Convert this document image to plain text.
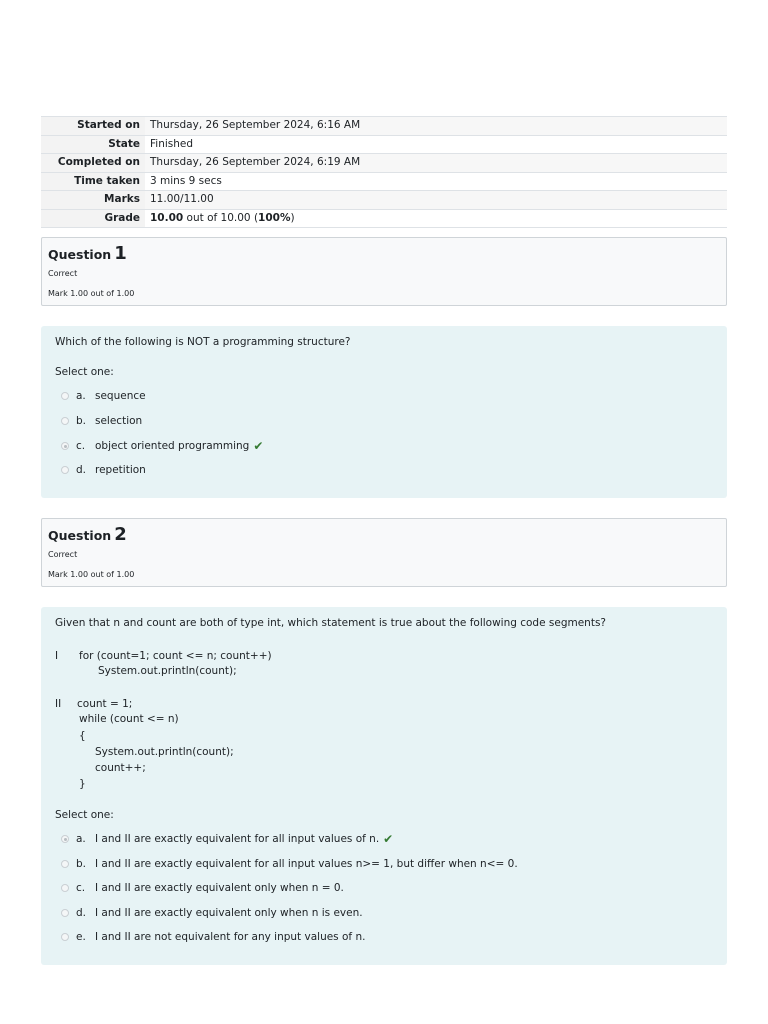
Started on	Thursday, 26 September 2024, 6:16 AM
State	Finished
Completed on	Thursday, 26 September 2024, 6:19 AM
Time taken	3 mins 9 secs
Marks	11.00/11.00
Grade	10.00 out of 10.00 (100%)
Question 1
Correct
Mark 1.00 out of 1.00
Which of the following is NOT a programming structure?
Select one:
a. sequence
b. selection
c. object oriented programming ✔
d. repetition
Question 2
Correct
Mark 1.00 out of 1.00
Given that n and count are both of type int, which statement is true about the following code segments?
I for (count=1; count <= n; count++)
System.out.println(count);
II count = 1;
while (count <= n)
{
System.out.println(count);
count++;
}
Select one:
a. I and II are exactly equivalent for all input values of n. ✔
b. I and II are exactly equivalent for all input values n>= 1, but differ when n<= 0.
c. I and II are exactly equivalent only when n = 0.
d. I and II are exactly equivalent only when n is even.
e. I and II are not equivalent for any input values of n.
